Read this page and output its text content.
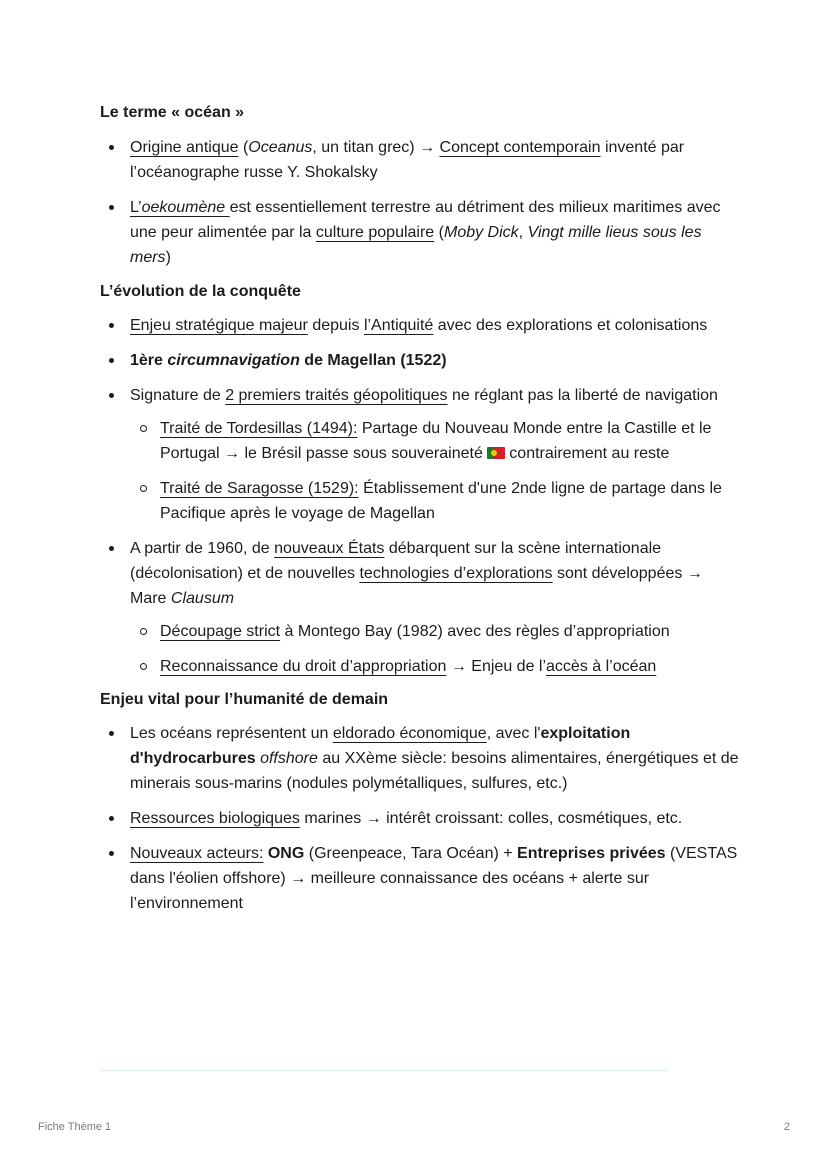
Le terme « océan »
Origine antique (Oceanus, un titan grec) → Concept contemporain inventé par l’océanographe russe Y. Shokalsky
L’oekoumène est essentiellement terrestre au détriment des milieux maritimes avec une peur alimentée par la culture populaire (Moby Dick, Vingt mille lieus sous les mers)
L’évolution de la conquête
Enjeu stratégique majeur depuis l’Antiquité avec des explorations et colonisations
1ère circumnavigation de Magellan (1522)

Signature de 2 premiers traités géopolitiques ne réglant pas la liberté de navigation

Traité de Tordesillas (1494): Partage du Nouveau Monde entre la Castille et le Portugal → le Brésil passe sous souveraineté contrairement au reste
Traité de Saragosse (1529): Établissement d'une 2nde ligne de partage dans le Pacifique après le voyage de Magellan

A partir de 1960, de nouveaux États débarquent sur la scène internationale (décolonisation) et de nouvelles technologies d’explorations sont développées → Mare Clausum

Découpage strict à Montego Bay (1982) avec des règles d’appropriation
Reconnaissance du droit d’appropriation → Enjeu de l’accès à l’océan
Enjeu vital pour l’humanité de demain
Les océans représentent un eldorado économique, avec l'exploitation d'hydrocarbures offshore au XXème siècle: besoins alimentaires, énergétiques et de minerais sous-marins (nodules polymétalliques, sulfures, etc.)
Ressources biologiques marines → intérêt croissant: colles, cosmétiques, etc.
Nouveaux acteurs: ONG (Greenpeace, Tara Océan) + Entreprises privées (VESTAS dans l'éolien offshore) → meilleure connaissance des océans + alerte sur l’environnement
Fiche Thème 1	2
